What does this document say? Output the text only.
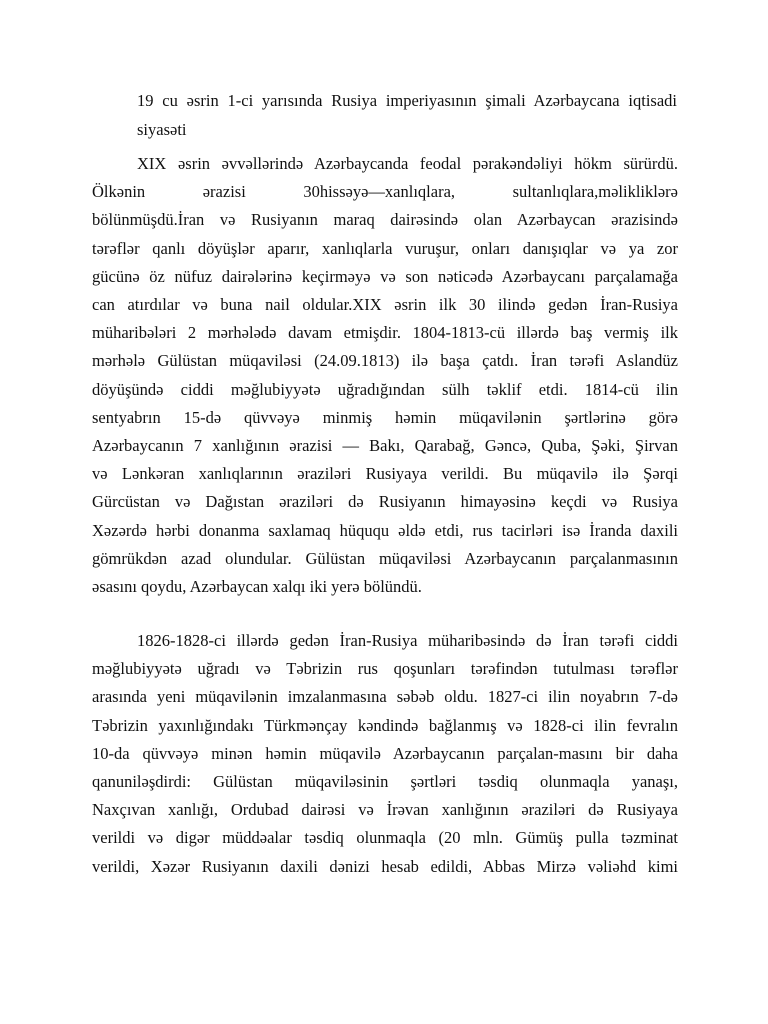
19 cu əsrin 1-ci yarısında Rusiya imperiyasının şimali Azərbaycana iqtisadi
siyasəti

XIX əsrin əvvəllərində Azərbaycanda feodal pərakəndəliyi hökm sürürdü.
Ölkənin ərazisi 30hissəyə—xanlıqlara, sultanlıqlara,məlikliklərə
bölünmüşdü.İran və Rusiyanın maraq dairəsində olan Azərbaycan ərazisində
tərəflər qanlı döyüşlər aparır, xanlıqlarla vuruşur, onları danışıqlar və ya zor
gücünə öz nüfuz dairələrinə keçirməyə və son nəticədə Azərbaycanı parçalamağa
can atırdılar və buna nail oldular.XIX əsrin ilk 30 ilində gedən İran-Rusiya
müharibələri 2 mərhələdə davam etmişdir. 1804-1813-cü illərdə baş vermiş ilk
mərhələ Gülüstan müqaviləsi (24.09.1813) ilə başa çatdı. İran tərəfi Aslandüz
döyüşündə ciddi məğlubiyyətə uğradığından sülh təklif etdi. 1814-cü ilin
sentyabrın 15-də qüvvəyə minmiş həmin müqavilənin şərtlərinə görə
Azərbaycanın 7 xanlığının ərazisi — Bakı, Qarabağ, Gəncə, Quba, Şəki, Şirvan
və Lənkəran xanlıqlarının əraziləri Rusiyaya verildi. Bu müqavilə ilə Şərqi
Gürcüstan və Dağıstan əraziləri də Rusiyanın himayəsinə keçdi və Rusiya
Xəzərdə hərbi donanma saxlamaq hüququ əldə etdi, rus tacirləri isə İranda daxili
gömrükdən azad olundular. Gülüstan müqaviləsi Azərbaycanın parçalanmasının
əsasını qoydu, Azərbaycan xalqı iki yerə bölündü.

1826-1828-ci illərdə gedən İran-Rusiya müharibəsində də İran tərəfi ciddi
məğlubiyyətə uğradı və Təbrizin rus qoşunları tərəfindən tutulması tərəflər
arasında yeni müqavilənin imzalanmasına səbəb oldu. 1827-ci ilin noyabrın 7-də
Təbrizin yaxınlığındakı Türkmənçay kəndində bağlanmış və 1828-ci ilin fevralın
10-da qüvvəyə minən həmin müqavilə Azərbaycanın parçalan-masını bir daha
qanuniləşdirdi: Gülüstan müqaviləsinin şərtləri təsdiq olunmaqla yanaşı,
Naxçıvan xanlığı, Ordubad dairəsi və İrəvan xanlığının əraziləri də Rusiyaya
verildi və digər müddəalar təsdiq olunmaqla (20 mln. Gümüş pulla təzminat
verildi, Xəzər Rusiyanın daxili dənizi hesab edildi, Abbas Mirzə vəliəhd kimi
